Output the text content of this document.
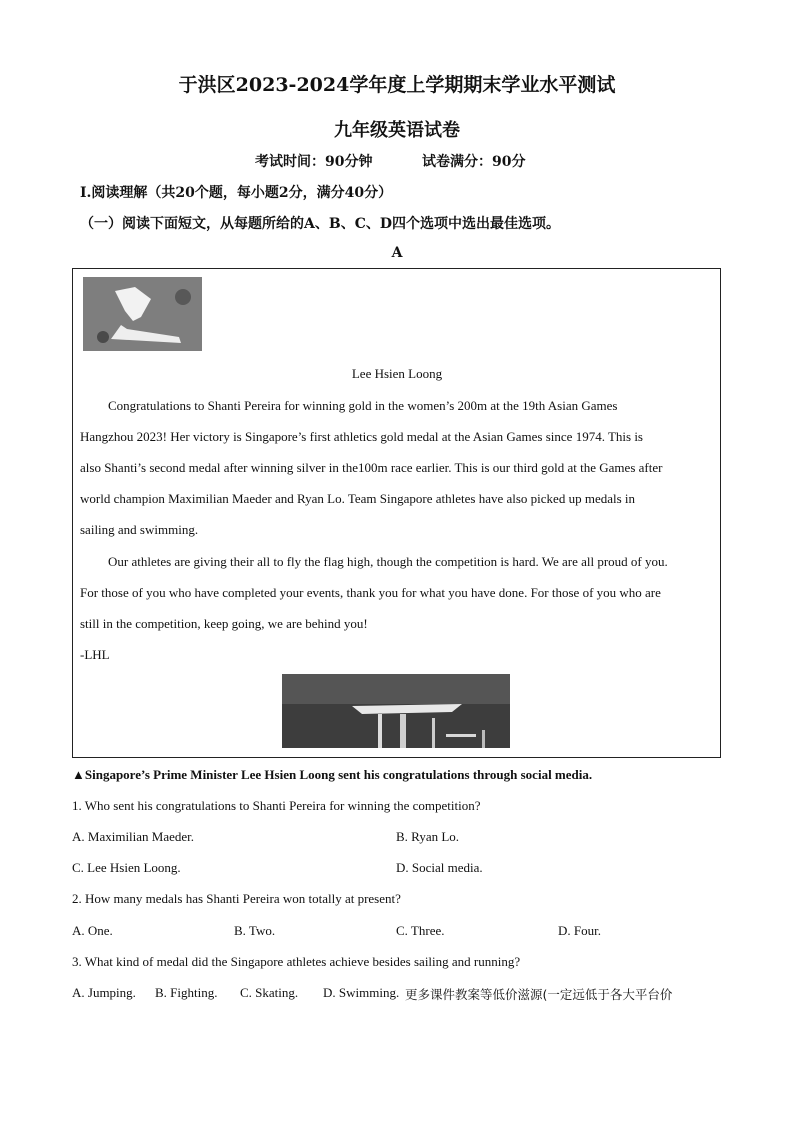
于洪区2023-2024学年度上学期期末学业水平测试
九年级英语试卷
考试时间：90分钟	试卷满分：90分
Ⅰ.阅读理解（共20个题，每小题2分，满分40分）
（一）阅读下面短文，从每题所给的A、B、C、D四个选项中选出最佳选项。
A
Lee Hsien Loong
Congratulations to Shanti Pereira for winning gold in the women’s 200m at the 19th Asian Games
Hangzhou 2023! Her victory is Singapore’s first athletics gold medal at the Asian Games since 1974. This is
also Shanti’s second medal after winning silver in the100m race earlier. This is our third gold at the Games after
world champion Maximilian Maeder and Ryan Lo. Team Singapore athletes have also picked up medals in
sailing and swimming.
Our athletes are giving their all to fly the flag high, though the competition is hard. We are all proud of you.
For those of you who have completed your events, thank you for what you have done. For those of you who are
still in the competition, keep going, we are behind you!
-LHL
▲Singapore’s Prime Minister Lee Hsien Loong sent his congratulations through social media.
1. Who sent his congratulations to Shanti Pereira for winning the competition?
A. Maximilian Maeder.	B. Ryan Lo.
C. Lee Hsien Loong.	D. Social media.
2. How many medals has Shanti Pereira won totally at present?
A. One.	B. Two.	C. Three.	D. Four.
3. What kind of medal did the Singapore athletes achieve besides sailing and running?
A. Jumping. B. Fighting. C. Skating. D. Swimming. 更多课件教案等低价滋源(一定远低于各大平台价
